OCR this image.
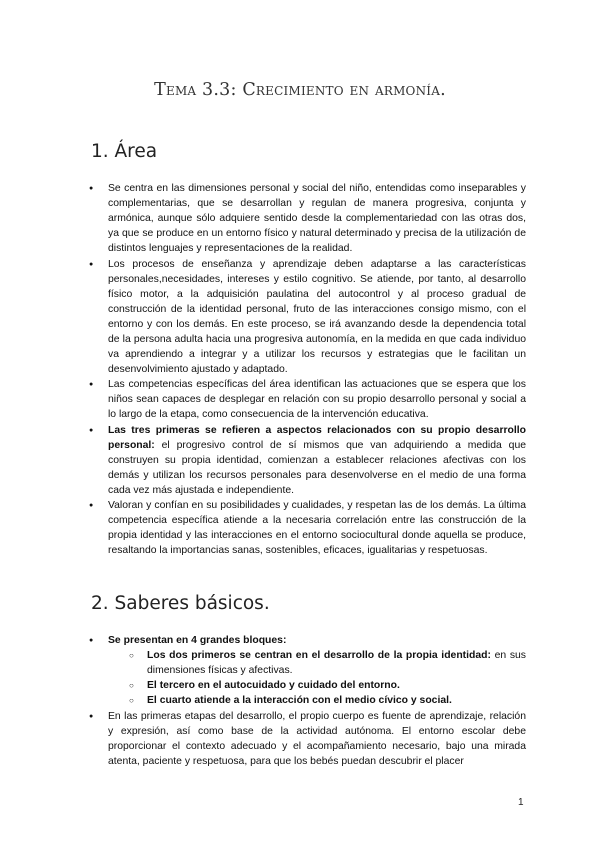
Tema 3.3: Crecimiento en armonía.
1. Área
● Se centra en las dimensiones personal y social del niño, entendidas como inseparables y complementarias, que se desarrollan y regulan de manera progresiva, conjunta y armónica, aunque sólo adquiere sentido desde la complementariedad con las otras dos, ya que se produce en un entorno físico y natural determinado y precisa de la utilización de distintos lenguajes y representaciones de la realidad.
● Los procesos de enseñanza y aprendizaje deben adaptarse a las características personales,necesidades, intereses y estilo cognitivo. Se atiende, por tanto, al desarrollo físico motor, a la adquisición paulatina del autocontrol y al proceso gradual de construcción de la identidad personal, fruto de las interacciones consigo mismo, con el entorno y con los demás. En este proceso, se irá avanzando desde la dependencia total de la persona adulta hacia una progresiva autonomía, en la medida en que cada individuo va aprendiendo a integrar y a utilizar los recursos y estrategias que le facilitan un desenvolvimiento ajustado y adaptado.
● Las competencias específicas del área identifican las actuaciones que se espera que los niños sean capaces de desplegar en relación con su propio desarrollo personal y social a lo largo de la etapa, como consecuencia de la intervención educativa.
● Las tres primeras se refieren a aspectos relacionados con su propio desarrollo personal: el progresivo control de sí mismos que van adquiriendo a medida que construyen su propia identidad, comienzan a establecer relaciones afectivas con los demás y utilizan los recursos personales para desenvolverse en el medio de una forma cada vez más ajustada e independiente.
● Valoran y confían en su posibilidades y cualidades, y respetan las de los demás. La última competencia específica atiende a la necesaria correlación entre las construcción de la propia identidad y las interacciones en el entorno sociocultural donde aquella se produce, resaltando la importancias sanas, sostenibles, eficaces, igualitarias y respetuosas.
2. Saberes básicos.
● Se presentan en 4 grandes bloques:
○ Los dos primeros se centran en el desarrollo de la propia identidad: en sus dimensiones físicas y afectivas.
○ El tercero en el autocuidado y cuidado del entorno.
○ El cuarto atiende a la interacción con el medio cívico y social.
● En las primeras etapas del desarrollo, el propio cuerpo es fuente de aprendizaje, relación y expresión, así como base de la actividad autónoma. El entorno escolar debe proporcionar el contexto adecuado y el acompañamiento necesario, bajo una mirada atenta, paciente y respetuosa, para que los bebés puedan descubrir el placer
1
